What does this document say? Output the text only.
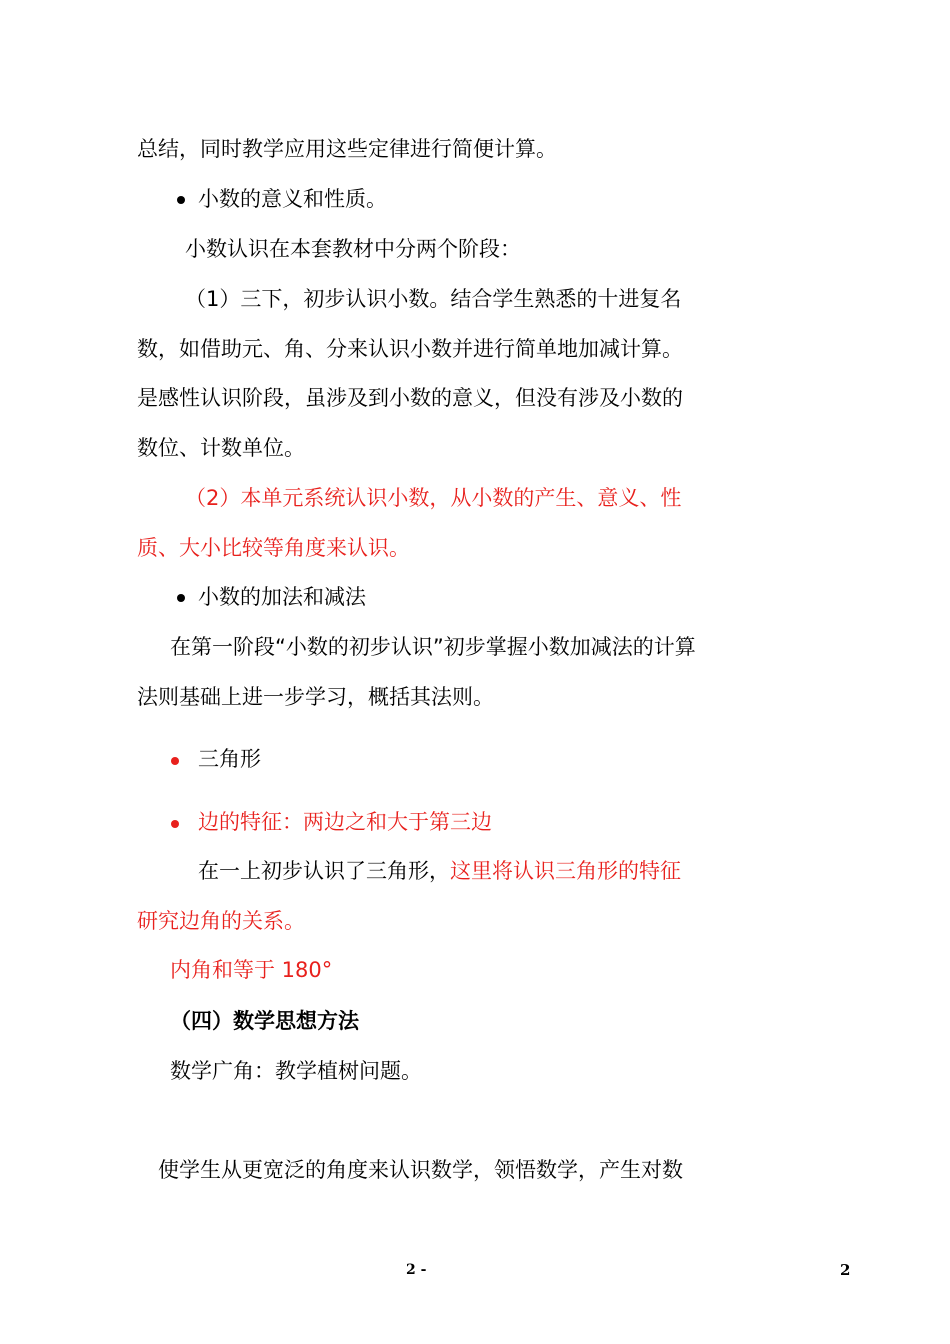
总结，同时教学应用这些定律进行简便计算。
小数的意义和性质。
小数认识在本套教材中分两个阶段：
（1）三下，初步认识小数。结合学生熟悉的十进复名
数，如借助元、角、分来认识小数并进行简单地加减计算。
是感性认识阶段，虽涉及到小数的意义，但没有涉及小数的
数位、计数单位。
（2）本单元系统认识小数，从小数的产生、意义、性
质、大小比较等角度来认识。
小数的加法和减法
在第一阶段“小数的初步认识”初步掌握小数加减法的计算
法则基础上进一步学习，概括其法则。
三角形
边的特征：两边之和大于第三边
在一上初步认识了三角形，这里将认识三角形的特征
研究边角的关系。
内角和等于 180°
（四）数学思想方法
数学广角：教学植树问题。
使学生从更宽泛的角度来认识数学，领悟数学，产生对数
2 -	2
